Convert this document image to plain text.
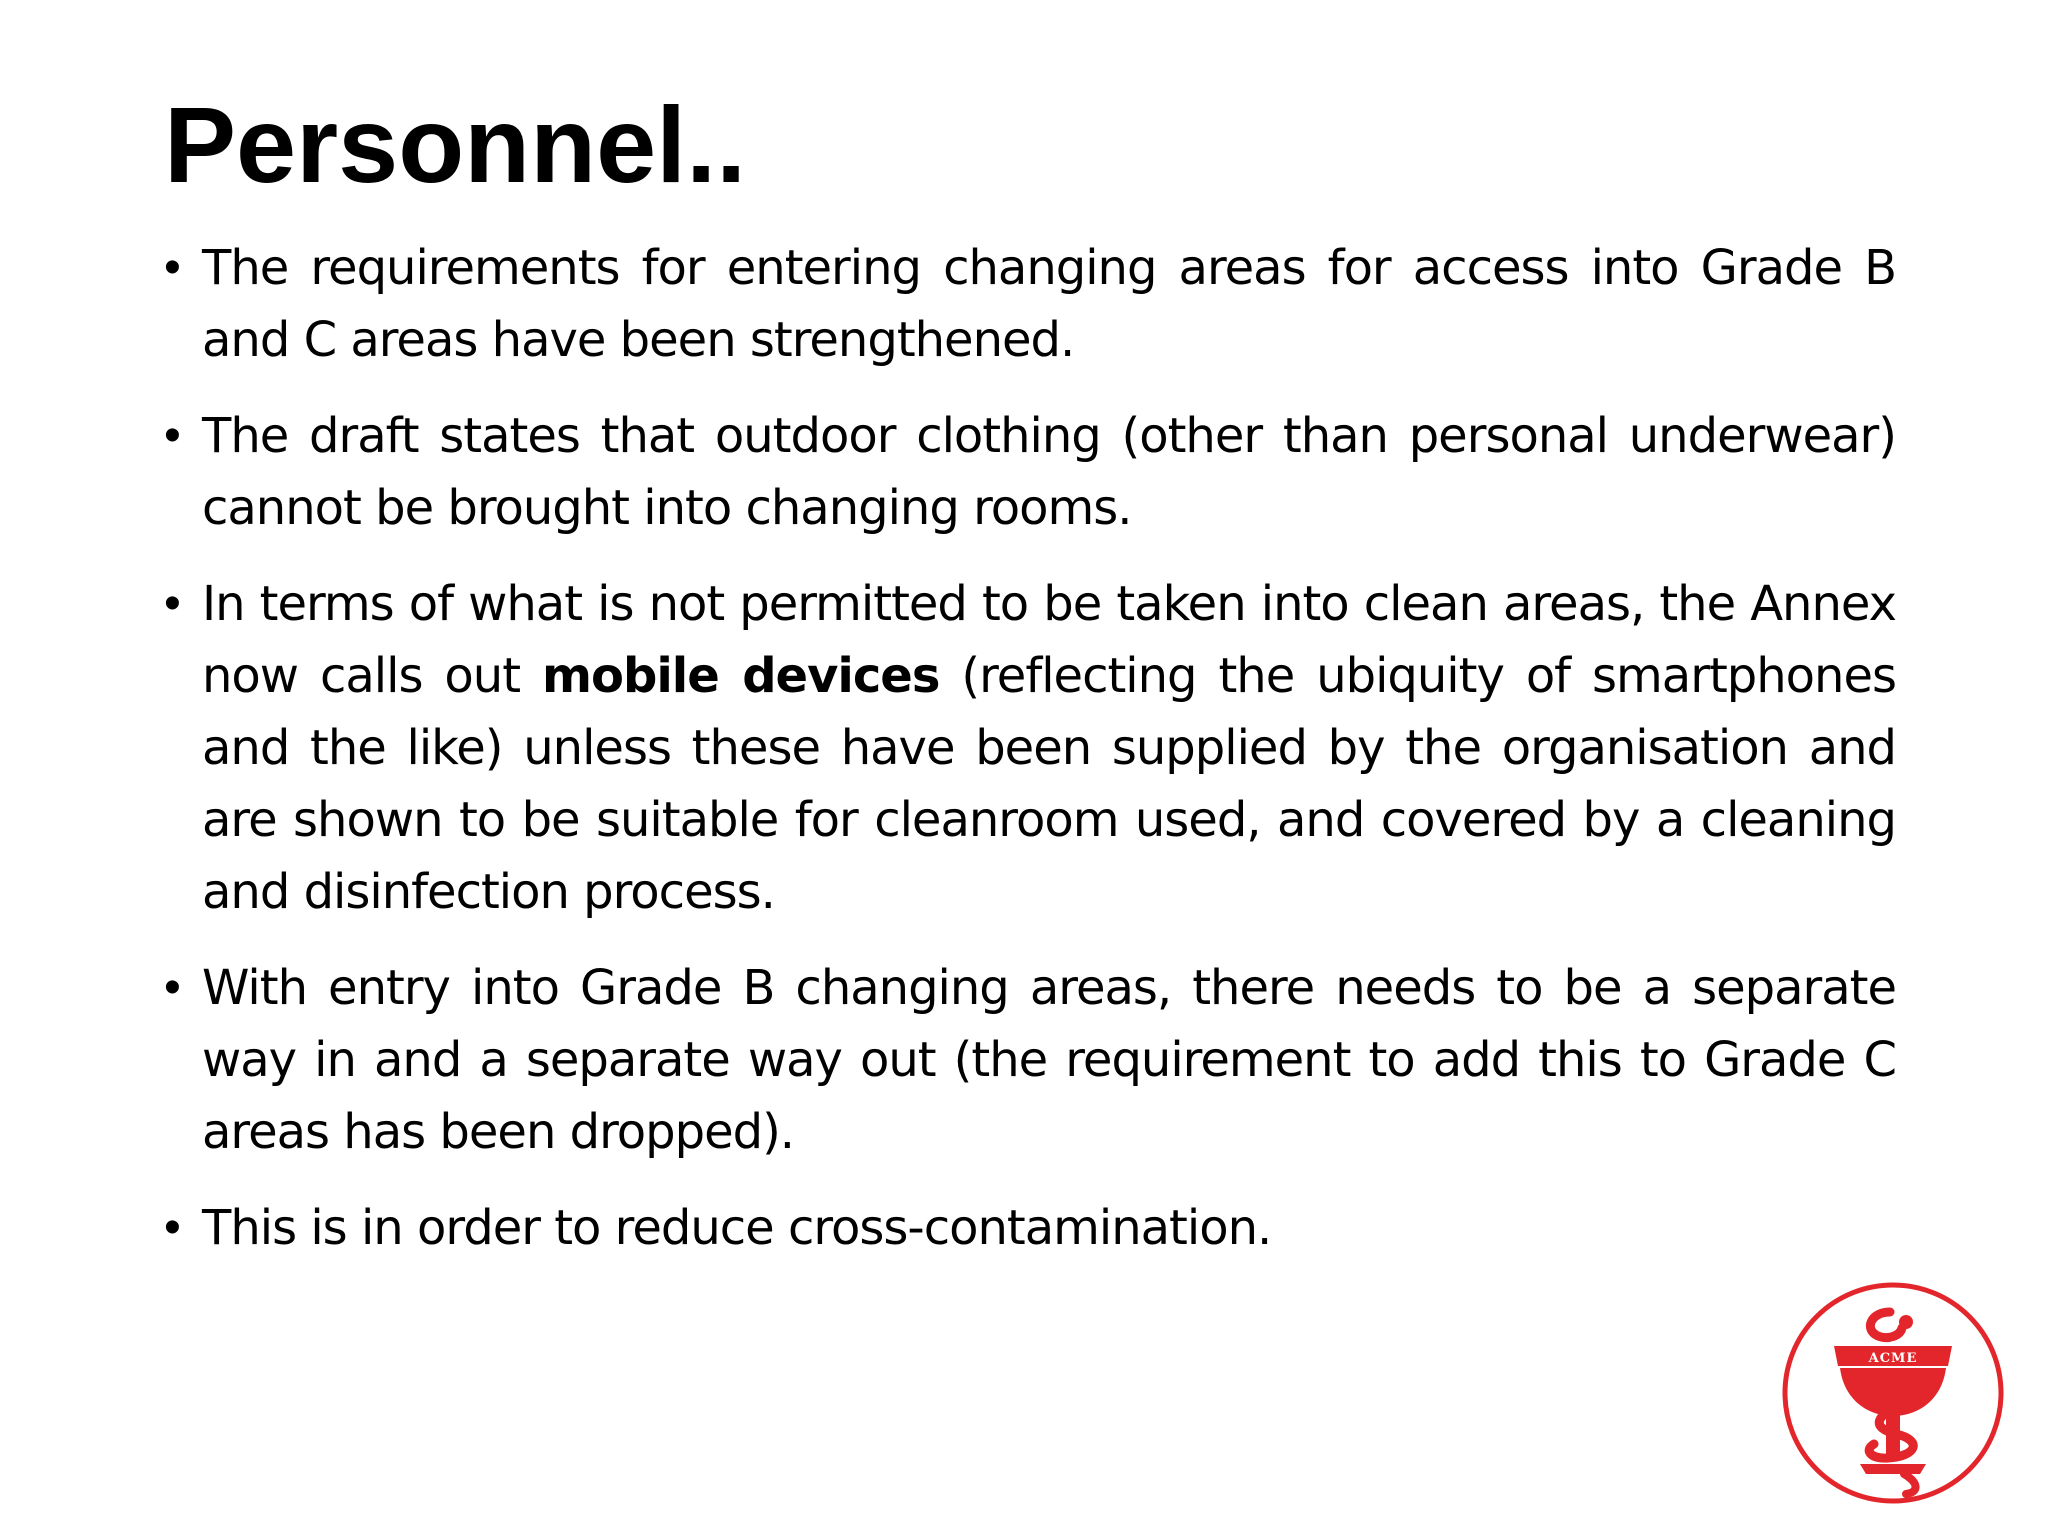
Personnel..
• The requirements for entering changing areas for access into Grade B and C areas have been strengthened.
• The draft states that outdoor clothing (other than personal underwear) cannot be brought into changing rooms.
• In terms of what is not permitted to be taken into clean areas, the Annex now calls out mobile devices (reflecting the ubiquity of smartphones and the like) unless these have been supplied by the organisation and are shown to be suitable for cleanroom used, and covered by a cleaning and disinfection process.
• With entry into Grade B changing areas, there needs to be a separate way in and a separate way out (the requirement to add this to Grade C areas has been dropped).
• This is in order to reduce cross-contamination.
ACME
